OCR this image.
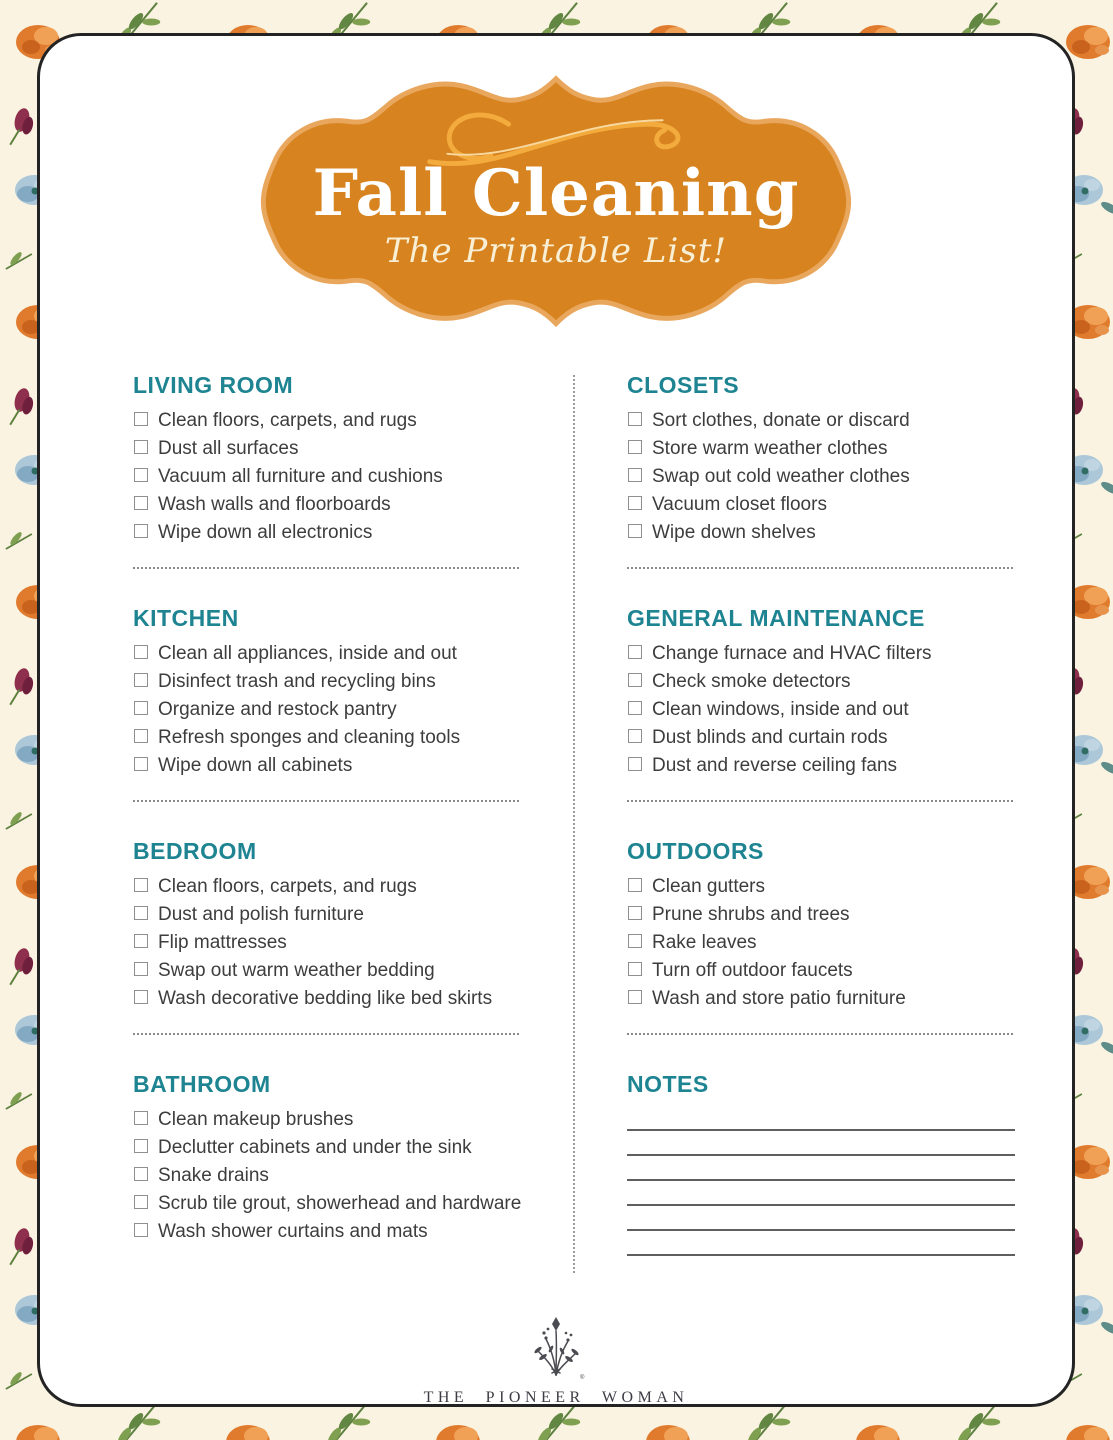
Fall Cleaning
The Printable List!
LIVING ROOM
Clean floors, carpets, and rugs
Dust all surfaces
Vacuum all furniture and cushions
Wash walls and floorboards
Wipe down all electronics
KITCHEN
Clean all appliances, inside and out
Disinfect trash and recycling bins
Organize and restock pantry
Refresh sponges and cleaning tools
Wipe down all cabinets
BEDROOM
Clean floors, carpets, and rugs
Dust and polish furniture
Flip mattresses
Swap out warm weather bedding
Wash decorative bedding like bed skirts
BATHROOM
Clean makeup brushes
Declutter cabinets and under the sink
Snake drains
Scrub tile grout, showerhead and hardware
Wash shower curtains and mats
CLOSETS
Sort clothes, donate or discard
Store warm weather clothes
Swap out cold weather clothes
Vacuum closet floors
Wipe down shelves
GENERAL MAINTENANCE
Change furnace and HVAC filters
Check smoke detectors
Clean windows, inside and out
Dust blinds and curtain rods
Dust and reverse ceiling fans
OUTDOORS
Clean gutters
Prune shrubs and trees
Rake leaves
Turn off outdoor faucets
Wash and store patio furniture
NOTES
®
THE PIONEER WOMAN
